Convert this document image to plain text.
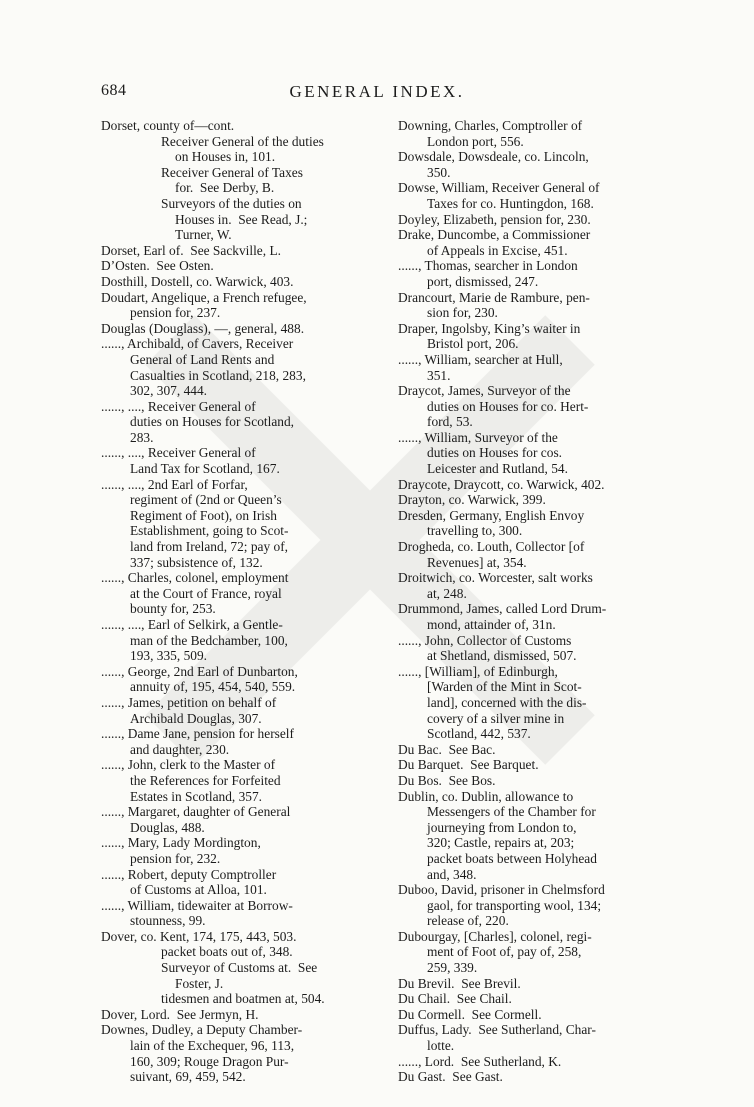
684	GENERAL INDEX.
Dorset, county of—cont.
Receiver General of the duties
on Houses in, 101.
Receiver General of Taxes
for.  See Derby, B.
Surveyors of the duties on
Houses in.  See Read, J.;
Turner, W.
Dorset, Earl of.  See Sackville, L.
D’Osten.  See Osten.
Dosthill, Dostell, co. Warwick, 403.
Doudart, Angelique, a French refugee,
pension for, 237.
Douglas (Douglass), —, general, 488.
......, Archibald, of Cavers, Receiver
General of Land Rents and
Casualties in Scotland, 218, 283,
302, 307, 444.
......, ...., Receiver General of
duties on Houses for Scotland,
283.
......, ...., Receiver General of
Land Tax for Scotland, 167.
......, ...., 2nd Earl of Forfar,
regiment of (2nd or Queen’s
Regiment of Foot), on Irish
Establishment, going to Scot-
land from Ireland, 72; pay of,
337; subsistence of, 132.
......, Charles, colonel, employment
at the Court of France, royal
bounty for, 253.
......, ...., Earl of Selkirk, a Gentle-
man of the Bedchamber, 100,
193, 335, 509.
......, George, 2nd Earl of Dunbarton,
annuity of, 195, 454, 540, 559.
......, James, petition on behalf of
Archibald Douglas, 307.
......, Dame Jane, pension for herself
and daughter, 230.
......, John, clerk to the Master of
the References for Forfeited
Estates in Scotland, 357.
......, Margaret, daughter of General
Douglas, 488.
......, Mary, Lady Mordington,
pension for, 232.
......, Robert, deputy Comptroller
of Customs at Alloa, 101.
......, William, tidewaiter at Borrow-
stounness, 99.
Dover, co. Kent, 174, 175, 443, 503.
packet boats out of, 348.
Surveyor of Customs at.  See
Foster, J.
tidesmen and boatmen at, 504.
Dover, Lord.  See Jermyn, H.
Downes, Dudley, a Deputy Chamber-
lain of the Exchequer, 96, 113,
160, 309; Rouge Dragon Pur-
suivant, 69, 459, 542.
Downing, Charles, Comptroller of
London port, 556.
Dowsdale, Dowsdeale, co. Lincoln,
350.
Dowse, William, Receiver General of
Taxes for co. Huntingdon, 168.
Doyley, Elizabeth, pension for, 230.
Drake, Duncombe, a Commissioner
of Appeals in Excise, 451.
......, Thomas, searcher in London
port, dismissed, 247.
Drancourt, Marie de Rambure, pen-
sion for, 230.
Draper, Ingolsby, King’s waiter in
Bristol port, 206.
......, William, searcher at Hull,
351.
Draycot, James, Surveyor of the
duties on Houses for co. Hert-
ford, 53.
......, William, Surveyor of the
duties on Houses for cos.
Leicester and Rutland, 54.
Draycote, Draycott, co. Warwick, 402.
Drayton, co. Warwick, 399.
Dresden, Germany, English Envoy
travelling to, 300.
Drogheda, co. Louth, Collector [of
Revenues] at, 354.
Droitwich, co. Worcester, salt works
at, 248.
Drummond, James, called Lord Drum-
mond, attainder of, 31n.
......, John, Collector of Customs
at Shetland, dismissed, 507.
......, [William], of Edinburgh,
[Warden of the Mint in Scot-
land], concerned with the dis-
covery of a silver mine in
Scotland, 442, 537.
Du Bac.  See Bac.
Du Barquet.  See Barquet.
Du Bos.  See Bos.
Dublin, co. Dublin, allowance to
Messengers of the Chamber for
journeying from London to,
320; Castle, repairs at, 203;
packet boats between Holyhead
and, 348.
Duboo, David, prisoner in Chelmsford
gaol, for transporting wool, 134;
release of, 220.
Dubourgay, [Charles], colonel, regi-
ment of Foot of, pay of, 258,
259, 339.
Du Brevil.  See Brevil.
Du Chail.  See Chail.
Du Cormell.  See Cormell.
Duffus, Lady.  See Sutherland, Char-
lotte.
......, Lord.  See Sutherland, K.
Du Gast.  See Gast.
